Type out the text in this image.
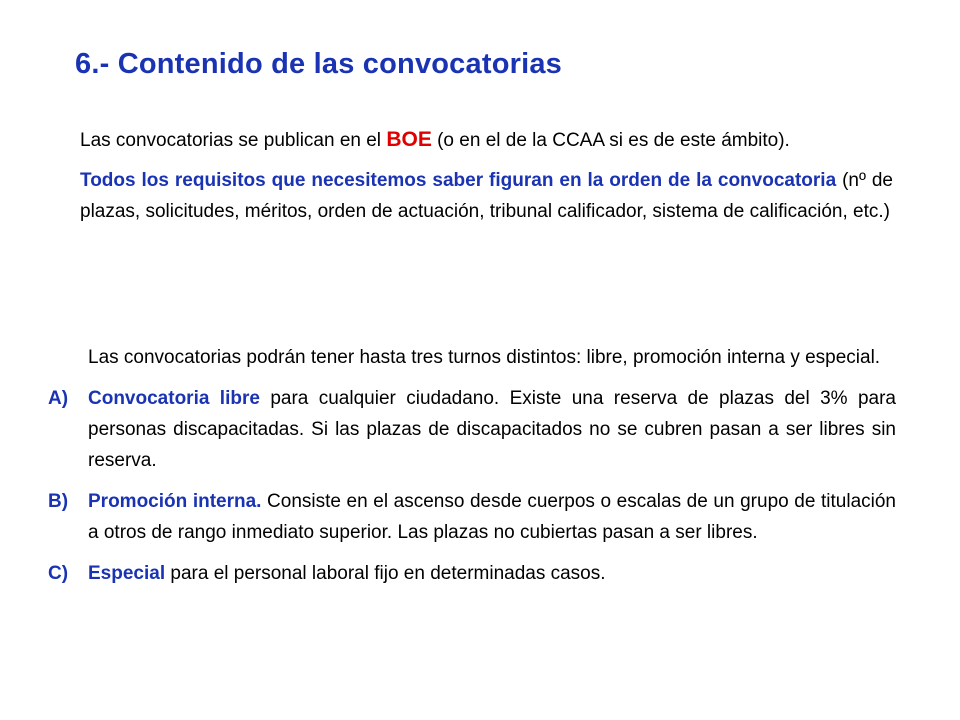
6.- Contenido de las convocatorias

Las convocatorias se publican en el BOE (o en el de la CCAA si es de este ámbito).

Todos los requisitos que necesitemos saber figuran en la orden de la convocatoria (nº de plazas, solicitudes, méritos, orden de actuación, tribunal calificador, sistema de calificación, etc.)

Las convocatorias podrán tener hasta tres turnos distintos: libre, promoción interna y especial.

A)	Convocatoria libre para cualquier ciudadano. Existe una reserva de plazas del 3% para personas discapacitadas. Si las plazas de discapacitados no se cubren pasan a ser libres sin reserva.
B)	Promoción interna. Consiste en el ascenso desde cuerpos o escalas de un grupo de titulación a otros de rango inmediato superior. Las plazas no cubiertas pasan a ser libres.
C)	Especial para el personal laboral fijo en determinadas casos.
